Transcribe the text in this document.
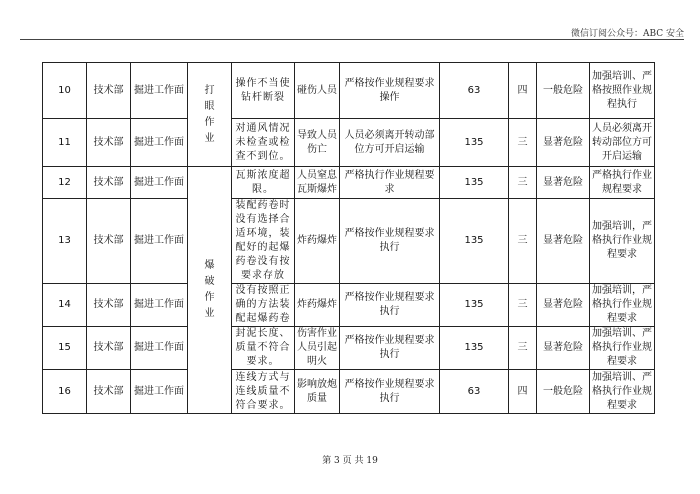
微信订阅公众号：ABC 安全
10	技术部	掘进工作面	打眼作业	操作不当使钻杆断裂	碰伤人员	严格按作业规程要求操作	63	四	一般危险	加强培训、严格按照作业规程执行
11	技术部	掘进工作面		对通风情况未检查或检查不到位。	导致人员伤亡	人员必须离开转动部位方可开启运输	135	三	显著危险	人员必须离开转动部位方可开启运输
12	技术部	掘进工作面	爆破作业	瓦斯浓度超限。	人员窒息瓦斯爆炸	严格执行作业规程要求	135	三	显著危险	严格执行作业规程要求
13	技术部	掘进工作面		装配药卷时没有选择合适环境，装配好的起爆药卷没有按要求存放	炸药爆炸	严格按作业规程要求执行	135	三	显著危险	加强培训，严格执行作业规程要求
14	技术部	掘进工作面		没有按照正确的方法装配起爆药卷	炸药爆炸	严格按作业规程要求执行	135	三	显著危险	加强培训，严格执行作业规程要求
15	技术部	掘进工作面		封泥长度、质量不符合要求。	伤害作业人员引起明火	严格按作业规程要求执行	135	三	显著危险	加强培训、严格执行作业规程要求
16	技术部	掘进工作面		连线方式与连线质量不符合要求。	影响放炮质量	严格按作业规程要求执行	63	四	一般危险	加强培训、严格执行作业规程要求
第 3 页 共 19
